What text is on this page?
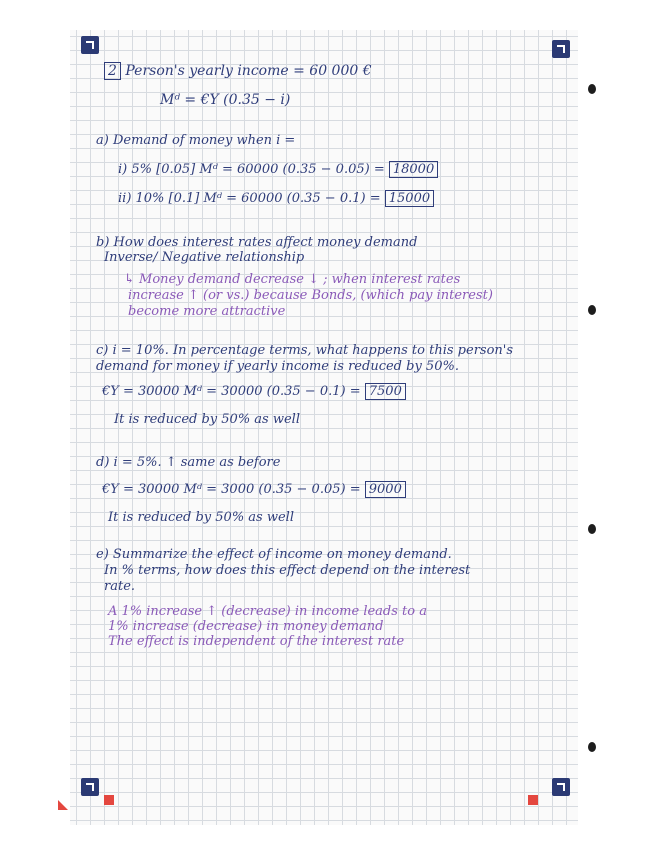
2 Person's yearly income = 60 000 €
Mᵈ = €Y (0.35 − i)
a) Demand of money when i =
i) 5% [0.05] Mᵈ = 60000 (0.35 − 0.05) = 18000
ii) 10% [0.1] Mᵈ = 60000 (0.35 − 0.1) = 15000
b) How does interest rates affect money demand
Inverse/ Negative relationship
↳ Money demand decrease ↓ ; when interest rates
increase ↑ (or vs.) because Bonds, (which pay interest)
become more attractive
c) i = 10%. In percentage terms, what happens to this person's
demand for money if yearly income is reduced by 50%.
€Y = 30000 Mᵈ = 30000 (0.35 − 0.1) = 7500
It is reduced by 50% as well
d) i = 5%. ↑ same as before
€Y = 30000 Mᵈ = 3000 (0.35 − 0.05) = 9000
It is reduced by 50% as well
e) Summarize the effect of income on money demand.
In % terms, how does this effect depend on the interest
rate.
A 1% increase ↑ (decrease) in income leads to a
1% increase (decrease) in money demand
The effect is independent of the interest rate
